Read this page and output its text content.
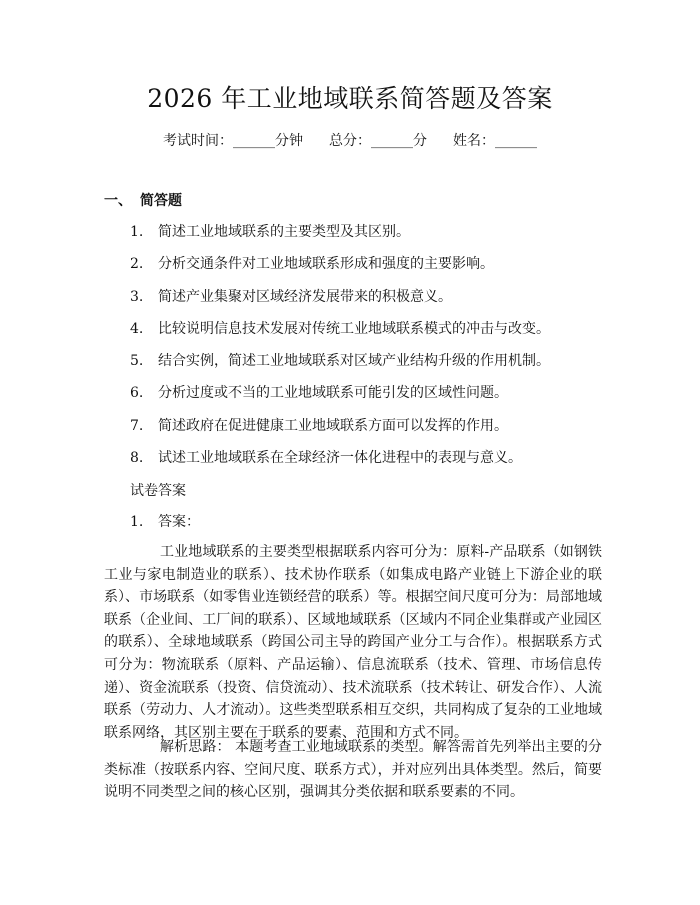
2026 年工业地域联系简答题及答案
考试时间：______分钟 总分：______分 姓名：______
一、 简答题
1. 简述工业地域联系的主要类型及其区别。
2. 分析交通条件对工业地域联系形成和强度的主要影响。
3. 简述产业集聚对区域经济发展带来的积极意义。
4. 比较说明信息技术发展对传统工业地域联系模式的冲击与改变。
5. 结合实例，简述工业地域联系对区域产业结构升级的作用机制。
6. 分析过度或不当的工业地域联系可能引发的区域性问题。
7. 简述政府在促进健康工业地域联系方面可以发挥的作用。
8. 试述工业地域联系在全球经济一体化进程中的表现与意义。
试卷答案
1. 答案：

工业地域联系的主要类型根据联系内容可分为：原料-产品联系（如钢铁工业与家电制造业的联系）、技术协作联系（如集成电路产业链上下游企业的联系）、市场联系（如零售业连锁经营的联系）等。根据空间尺度可分为：局部地域联系（企业间、工厂间的联系）、区域地域联系（区域内不同企业集群或产业园区的联系）、全球地域联系（跨国公司主导的跨国产业分工与合作）。根据联系方式可分为：物流联系（原料、产品运输）、信息流联系（技术、管理、市场信息传递）、资金流联系（投资、信贷流动）、技术流联系（技术转让、研发合作）、人流联系（劳动力、人才流动）。这些类型联系相互交织，共同构成了复杂的工业地域联系网络，其区别主要在于联系的要素、范围和方式不同。

解析思路： 本题考查工业地域联系的类型。解答需首先列举出主要的分类标准（按联系内容、空间尺度、联系方式），并对应列出具体类型。然后，简要说明不同类型之间的核心区别，强调其分类依据和联系要素的不同。
